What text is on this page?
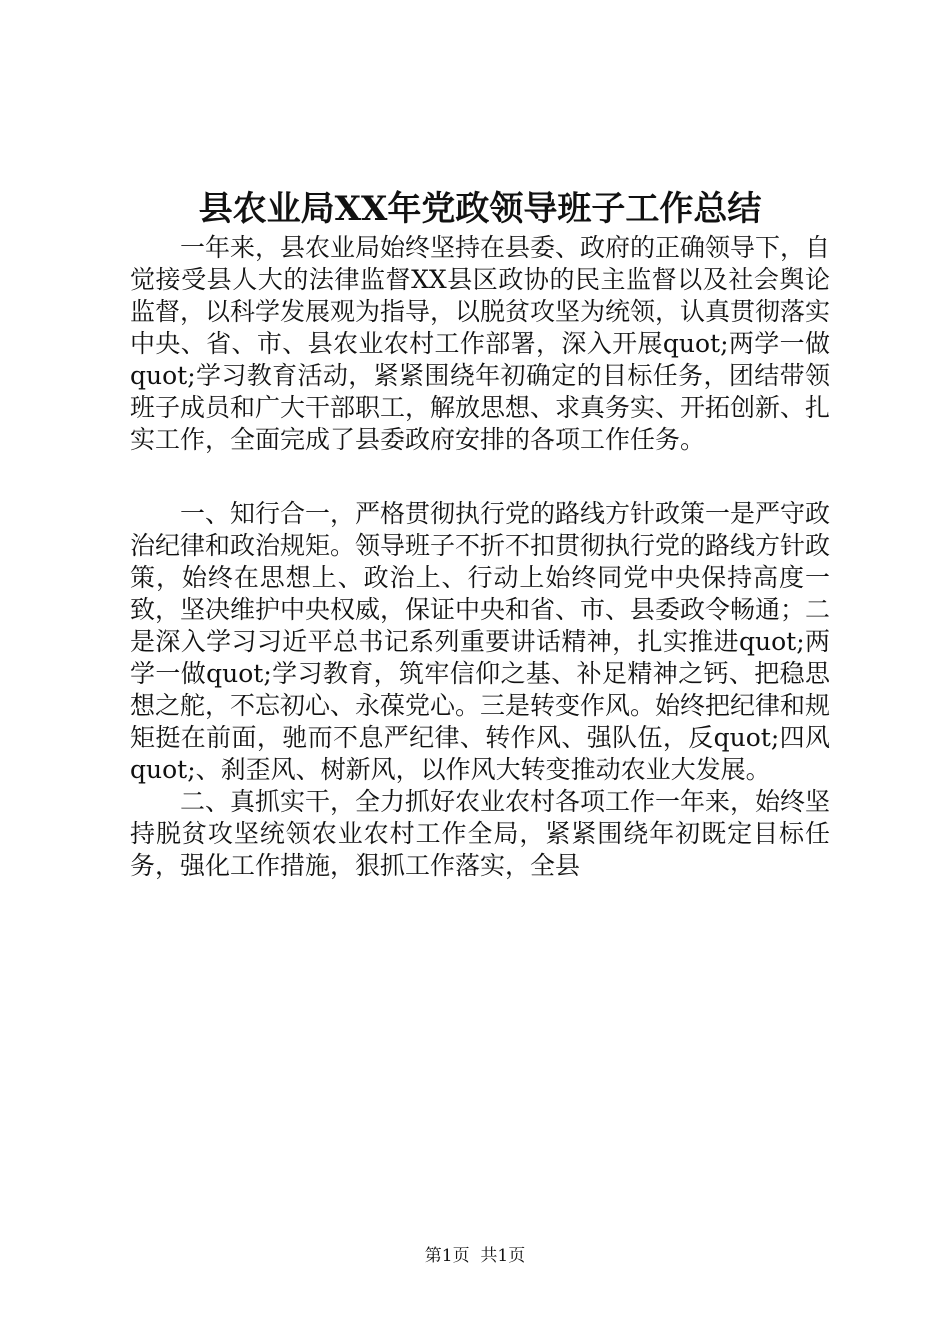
县农业局XX年党政领导班子工作总结

一年来，县农业局始终坚持在县委、政府的正确领导下，自觉接受县人大的法律监督XX县区政协的民主监督以及社会舆论监督，以科学发展观为指导，以脱贫攻坚为统领，认真贯彻落实中央、省、市、县农业农村工作部署，深入开展quot;两学一做quot;学习教育活动，紧紧围绕年初确定的目标任务，团结带领班子成员和广大干部职工，解放思想、求真务实、开拓创新、扎实工作，全面完成了县委政府安排的各项工作任务。

一、知行合一，严格贯彻执行党的路线方针政策一是严守政治纪律和政治规矩。领导班子不折不扣贯彻执行党的路线方针政策，始终在思想上、政治上、行动上始终同党中央保持高度一致，坚决维护中央权威，保证中央和省、市、县委政令畅通；二是深入学习习近平总书记系列重要讲话精神，扎实推进quot;两学一做quot;学习教育，筑牢信仰之基、补足精神之钙、把稳思想之舵，不忘初心、永葆党心。三是转变作风。始终把纪律和规矩挺在前面，驰而不息严纪律、转作风、强队伍，反quot;四风quot;、刹歪风、树新风，以作风大转变推动农业大发展。

二、真抓实干，全力抓好农业农村各项工作一年来，始终坚持脱贫攻坚统领农业农村工作全局，紧紧围绕年初既定目标任务，强化工作措施，狠抓工作落实，全县

第1页  共1页
